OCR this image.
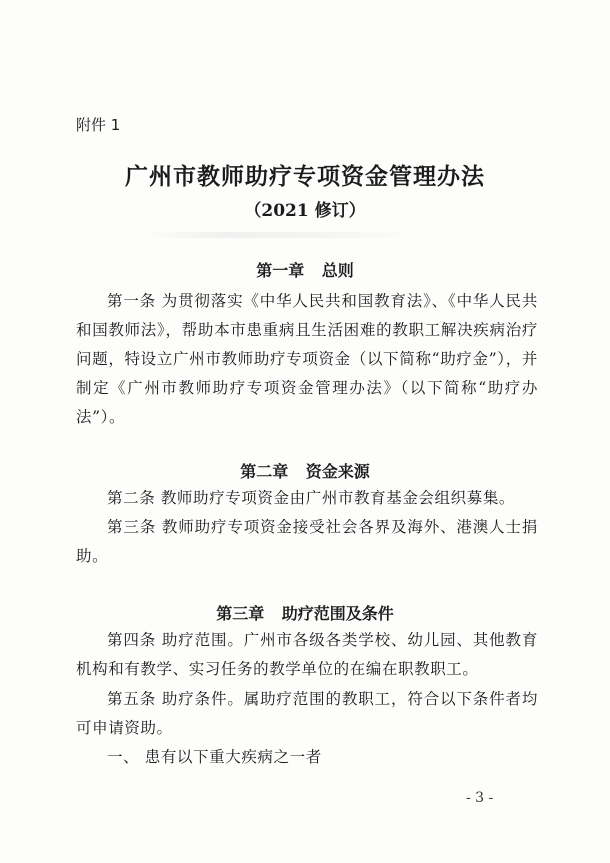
附件 1
广州市教师助疗专项资金管理办法
（2021 修订）
第一章 总则
第一条 为贯彻落实《中华人民共和国教育法》、《中华人民共和国教师法》，帮助本市患重病且生活困难的教职工解决疾病治疗问题，特设立广州市教师助疗专项资金（以下简称“助疗金”），并制定《广州市教师助疗专项资金管理办法》（以下简称“助疗办法”）。
第二章 资金来源
第二条 教师助疗专项资金由广州市教育基金会组织募集。
第三条 教师助疗专项资金接受社会各界及海外、港澳人士捐助。
第三章 助疗范围及条件
第四条 助疗范围。广州市各级各类学校、幼儿园、其他教育机构和有教学、实习任务的教学单位的在编在职教职工。
第五条 助疗条件。属助疗范围的教职工，符合以下条件者均可申请资助。
一、 患有以下重大疾病之一者
- 3 -
